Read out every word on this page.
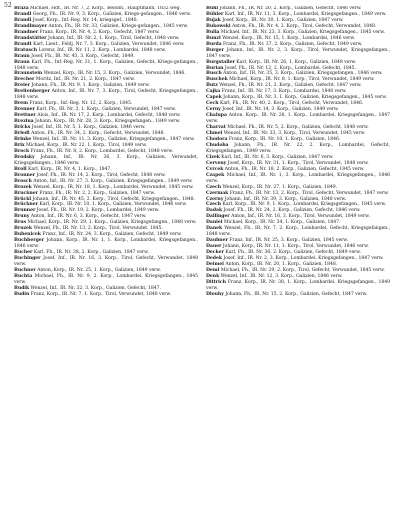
52 Brazá Michael, Hdt., IR. Nr. 7, 2. Korp., Belobn., Hauptmann, 1832 weg.

Brandl Georg, Fh., IR. Nr. 9, 3. Korp., Galizien, Kriegs-gefangen., 1846 verw.

Brandl Josef, Korp., Inf.-Reg. Nr. 14, kriegsgef., 1840.

Brandlmayer Anton, Fh., IR. Nr. 33, Galizien, Kriegs-gefangen., 1845 verw.

Brandner Franz, Korp., IR. Nr. 4, 2. Korp., Gefecht, 1847 verw.

Brandstätter Johann, Inf., IR. Nr. 2, 1. Korp., Tirol, Gefecht, 1848 verw.

Brandt Karl, Lieut., Feldj. Nr. 7, 3. Korp., Galizien, Verwundet, 1846 verw.

Bratusch Lorenz, Inf., IR. Nr. 11, 2. Korp., Lombardei, 1848 verw.

Braun Josef, Fh., IR. Nr. 43, 3. Korp., Gefecht, 1849.

Braun Karl, Fh., Inf.-Reg. Nr. 31, 1. Korp., Galizien, Gefecht, Kriegs-gefangen., 1848 verw.

Braunstein Wenzel, Korp., IR. Nr. 15, 3. Korp., Galizien, Verwundet, 1846.

Brecher Moritz, Inf., IR. Nr. 21, 2. Korp., 1847 verw.

Breier Johann, Fh., IR. Nr. 9, 1. Korp., Galizien, 1849 verw.

Breitenberger Anton, Inf., IR. Nr. 7, 3. Korp., Tirol, Gefecht, Kriegsgefangen., 1848 verw.

Brem Franz, Korp., Inf.-Reg. Nr. 12, 2. Korp., 1845.

Brenner Karl, Fh., IR. Nr. 3, 1. Korp., Galizien, Verwundet, 1847 verw.

Brettner Alois, Inf., IR. Nr. 17, 2. Korp., Lombardei, Gefecht, 1848 verw.

Brezina Johann, Korp., IR. Nr. 28, 3. Korp., Kriegsgefangen., 1849 verw.

Bricks Josef, Inf., IR. Nr. 5, 1. Korp., Galizien, 1846 verw.

Briedl Anton, Fh., IR. Nr. 34, 2. Korp., Gefecht, Verwundet, 1848.

Brinke Wenzel, Inf., IR. Nr. 11, 3. Korp., Galizien, Kriegsgefangen., 1847 verw.

Brix Michael, Korp., IR. Nr. 22, 1. Korp., Tirol, 1849 verw.

Brock Franz, Fh., IR. Nr. 8, 2. Korp., Lombardei, Gefecht, 1848 verw.

Brodsky Johann, Inf., IR. Nr. 36, 3. Korp., Galizien, Verwundet, Kriegsgefangen., 1846 verw.

Broll Karl, Korp., IR. Nr. 4, 1. Korp., 1847.

Bronner Josef, Fh., IR. Nr. 14, 2. Korp., Tirol, Gefecht, 1848 verw.

Brosch Anton, Inf., IR. Nr. 27, 3. Korp., Galizien, Kriegsgefangen., 1849 verw.

Brozek Wenzel, Korp., IR. Nr. 18, 1. Korp., Lombardei, Verwundet, 1845 verw.

Bruckner Franz, Fh., IR. Nr. 2, 2. Korp., Galizien, 1847 verw.

Brückl Johann, Inf., IR. Nr. 45, 3. Korp., Tirol, Gefecht, Kriegsgefangen., 1848.

Brückner Karl, Korp., IR. Nr. 10, 1. Korp., Galizien, Verwundet, 1846 verw.

Brunner Josef, Fh., IR. Nr. 19, 2. Korp., Lombardei, 1849 verw.

Bruny Anton, Inf., IR. Nr. 6, 3. Korp., Gefecht, 1847 verw.

Brus Michael, Korp., IR. Nr. 29, 1. Korp., Galizien, Kriegsgefangen., 1848 verw.

Bruzek Wenzel, Fh., IR. Nr. 13, 2. Korp., Tirol, Verwundet, 1845.

Bubenicek Franz, Inf., IR. Nr. 24, 3. Korp., Galizien, Gefecht, 1849 verw.

Buchberger Johann, Korp., IR. Nr. 1, 1. Korp., Lombardei, Kriegsgefangen., 1846 verw.

Bucher Karl, Fh., IR. Nr. 38, 2. Korp., Galizien, 1847 verw.

Buchinger Josef, Inf., IR. Nr. 16, 3. Korp., Tirol, Gefecht, Verwundet, 1848 verw.

Buchner Anton, Korp., IR. Nr. 25, 1. Korp., Galizien, 1849 verw.

Buchta Michael, Fh., IR. Nr. 9, 2. Korp., Lombardei, Kriegsgefangen., 1845 verw.

Budik Wenzel, Inf., IR. Nr. 32, 3. Korp., Galizien, Gefecht, 1847.

Budin Franz, Korp., IR. Nr. 7, 1. Korp., Tirol, Verwundet, 1848 verw.

Bühl Johann, Fh., IR. Nr. 20, 2. Korp., Galizien, Gefecht, 1846 verw.

Bühler Karl, Inf., IR. Nr. 11, 3. Korp., Lombardei, Kriegsgefangen., 1849 verw.

Bujak Josef, Korp., IR. Nr. 30, 1. Korp., Galizien, 1847 verw.

Bukowski Anton, Fh., IR. Nr. 4, 2. Korp., Tirol, Gefecht, Verwundet, 1848.

Bulla Michael, Inf., IR. Nr. 23, 3. Korp., Galizien, Kriegsgefangen., 1845 verw.

Bunzl Wenzel, Korp., IR. Nr. 15, 1. Korp., Lombardei, 1846 verw.

Burda Franz, Fh., IR. Nr. 37, 2. Korp., Galizien, Gefecht, 1849 verw.

Burger Johann, Inf., IR. Nr. 2, 3. Korp., Tirol, Verwundet, Kriegsgefangen., 1847 verw.

Burgstaller Karl, Korp., IR. Nr. 26, 1. Korp., Galizien, 1848 verw.

Burian Josef, Fh., IR. Nr. 12, 2. Korp., Lombardei, Gefecht, 1845.

Busch Anton, Inf., IR. Nr. 35, 3. Korp., Galizien, Kriegsgefangen., 1846 verw.

Buschek Michael, Korp., IR. Nr. 8, 1. Korp., Tirol, Verwundet, 1849 verw.

Butz Wenzel, Fh., IR. Nr. 21, 2. Korp., Galizien, Gefecht, 1847 verw.

Cajka Franz, Inf., IR. Nr. 17, 3. Korp., Lombardei, 1848 verw.

Capek Johann, Korp., IR. Nr. 3, 1. Korp., Galizien, Kriegsgefangen., 1845 verw.

Cech Karl, Fh., IR. Nr. 40, 2. Korp., Tirol, Gefecht, Verwundet, 1846.

Cerny Josef, Inf., IR. Nr. 14, 3. Korp., Galizien, 1849 verw.

Chalupa Anton, Korp., IR. Nr. 28, 1. Korp., Lombardei, Kriegsgefangen., 1847 verw.

Charvat Michael, Fh., IR. Nr. 5, 2. Korp., Galizien, Gefecht, 1848 verw.

Chmel Wenzel, Inf., IR. Nr. 33, 3. Korp., Tirol, Verwundet, 1845 verw.

Chodora Franz, Korp., IR. Nr. 10, 1. Korp., Galizien, 1846.

Chudoba Johann, Fh., IR. Nr. 22, 2. Korp., Lombardei, Gefecht, Kriegsgefangen., 1849 verw.

Cizek Karl, Inf., IR. Nr. 6, 3. Korp., Galizien, 1847 verw.

Cerveny Josef, Korp., IR. Nr. 31, 1. Korp., Tirol, Verwundet, 1848 verw.

Cvrcek Anton, Fh., IR. Nr. 18, 2. Korp., Galizien, Gefecht, 1845 verw.

Czapek Michael, Inf., IR. Nr. 1, 3. Korp., Lombardei, Kriegsgefangen., 1846 verw.

Czech Wenzel, Korp., IR. Nr. 27, 1. Korp., Galizien, 1849.

Czermak Franz, Fh., IR. Nr. 13, 2. Korp., Tirol, Gefecht, Verwundet, 1847 verw.

Czerny Johann, Inf., IR. Nr. 39, 3. Korp., Galizien, 1848 verw.

Czech Karl, Korp., IR. Nr. 9, 1. Korp., Lombardei, Kriegsgefangen., 1845 verw.

Dadak Josef, Fh., IR. Nr. 24, 2. Korp., Galizien, Gefecht, 1846 verw.

Dallinger Anton, Inf., IR. Nr. 16, 3. Korp., Tirol, Verwundet, 1849 verw.

Daniel Michael, Korp., IR. Nr. 34, 1. Korp., Galizien, 1847.

Danek Wenzel, Fh., IR. Nr. 7, 2. Korp., Lombardei, Gefecht, Kriegsgefangen., 1848 verw.

Daubner Franz, Inf., IR. Nr. 25, 3. Korp., Galizien, 1845 verw.

Dauer Johann, Korp., IR. Nr. 11, 1. Korp., Tirol, Verwundet, 1846 verw.

Decker Karl, Fh., IR. Nr. 36, 2. Korp., Galizien, Gefecht, 1849 verw.

Dedek Josef, Inf., IR. Nr. 2, 3. Korp., Lombardei, Kriegsgefangen., 1847 verw.

Deimel Anton, Korp., IR. Nr. 20, 1. Korp., Galizien, 1848.

Deml Michael, Fh., IR. Nr. 29, 2. Korp., Tirol, Gefecht, Verwundet, 1845 verw.

Denk Wenzel, Inf., IR. Nr. 12, 3. Korp., Galizien, 1846 verw.

Dittrich Franz, Korp., IR. Nr. 38, 1. Korp., Lombardei, Kriegsgefangen., 1849 verw.

Dlouhy Johann, Fh., IR. Nr. 15, 2. Korp., Galizien, Gefecht, 1847 verw.
